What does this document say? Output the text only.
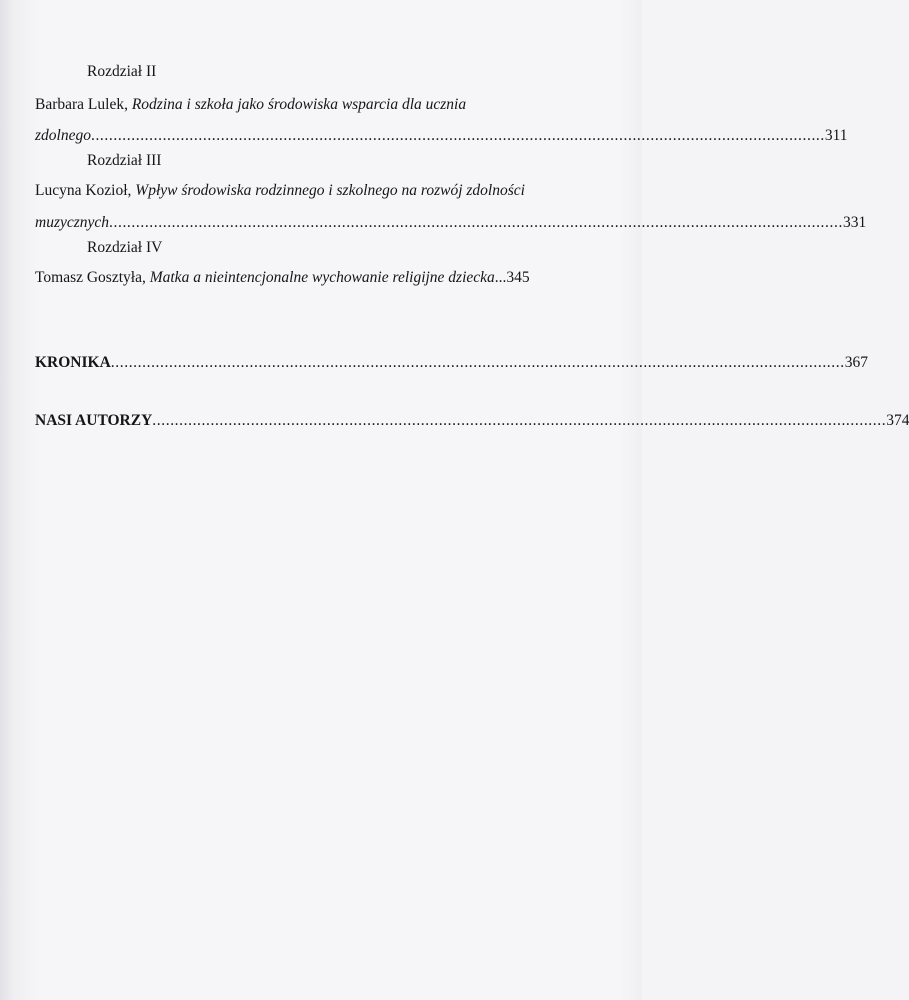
Rozdział II
Barbara Lulek, Rodzina i szkoła jako środowiska wsparcia dla ucznia
zdolnego .................................................................................................................................................................... 311
Rozdział III
Lucyna Kozioł, Wpływ środowiska rodzinnego i szkolnego na rozwój zdolności
muzycznych .................................................................................................................................................................... 331
Rozdział IV
Tomasz Gosztyła, Matka a nieintencjonalne wychowanie religijne dziecka...345
KRONIKA .................................................................................................................................................................... 367
NASI AUTORZY .................................................................................................................................................................... 374
